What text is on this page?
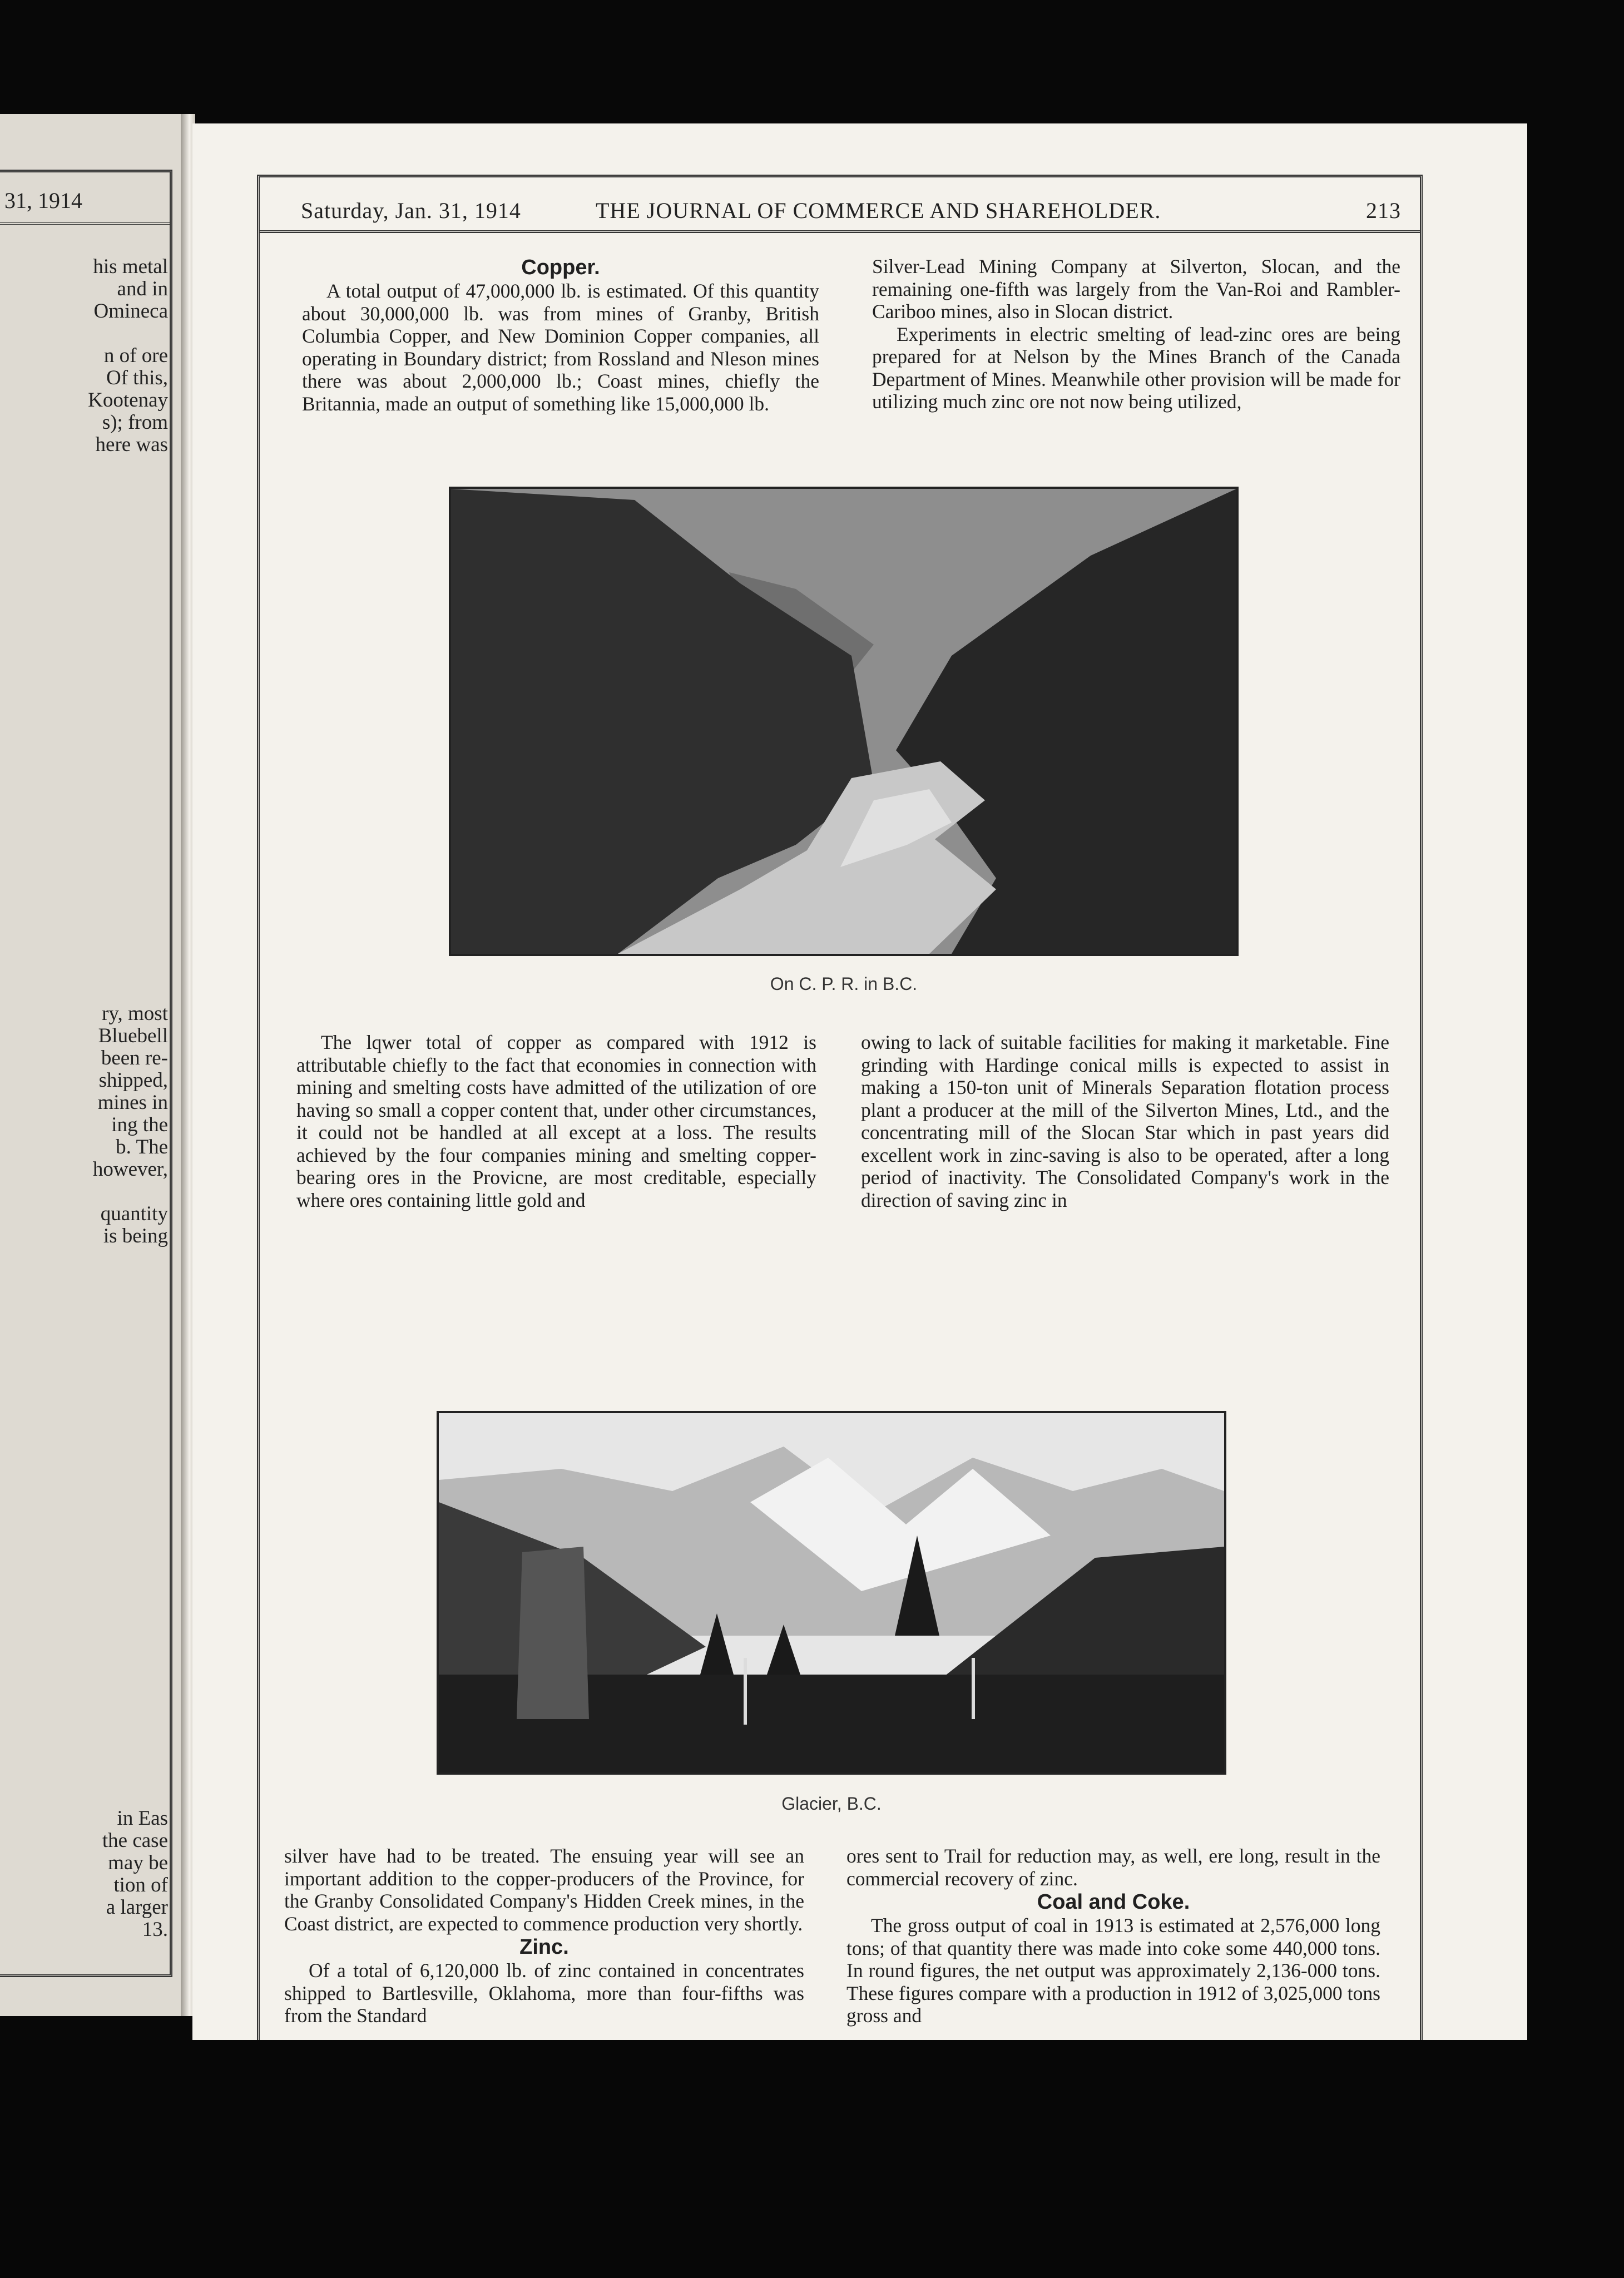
31, 1914
his metal
and in
Omineca
n of ore
Of this,
Kootenay
s); from
here was
ry, most
Bluebell
been re-
shipped,
mines in
ing the
b. The
however,
quantity
is being
in Eas
the case
may be
tion of
a larger
13.
Saturday, Jan. 31, 1914	THE JOURNAL OF COMMERCE AND SHAREHOLDER.	213

Copper.

A total output of 47,000,000 lb. is estimated. Of this quantity about 30,000,000 lb. was from mines of Granby, British Columbia Copper, and New Dominion Copper companies, all operating in Boundary district; from Rossland and Nleson mines there was about 2,000,000 lb.; Coast mines, chiefly the Britannia, made an output of something like 15,000,000 lb.

Silver-Lead Mining Company at Silverton, Slocan, and the remaining one-fifth was largely from the Van-Roi and Rambler-Cariboo mines, also in Slocan district.

Experiments in electric smelting of lead-zinc ores are being prepared for at Nelson by the Mines Branch of the Canada Department of Mines. Meanwhile other provision will be made for utilizing much zinc ore not now being utilized,

On C. P. R. in B.C.

The lqwer total of copper as compared with 1912 is attributable chiefly to the fact that economies in connection with mining and smelting costs have admitted of the utilization of ore having so small a copper content that, under other circumstances, it could not be handled at all except at a loss. The results achieved by the four companies mining and smelting copper-bearing ores in the Provicne, are most creditable, especially where ores containing little gold and

owing to lack of suitable facilities for making it marketable. Fine grinding with Hardinge conical mills is expected to assist in making a 150-ton unit of Minerals Separation flotation process plant a producer at the mill of the Silverton Mines, Ltd., and the concentrating mill of the Slocan Star which in past years did excellent work in zinc-saving is also to be operated, after a long period of inactivity. The Consolidated Company's work in the direction of saving zinc in

Glacier, B.C.

silver have had to be treated. The ensuing year will see an important addition to the copper-producers of the Province, for the Granby Consolidated Company's Hidden Creek mines, in the Coast district, are expected to commence production very shortly.

Zinc.

Of a total of 6,120,000 lb. of zinc contained in concentrates shipped to Bartlesville, Oklahoma, more than four-fifths was from the Standard

ores sent to Trail for reduction may, as well, ere long, result in the commercial recovery of zinc.

Coal and Coke.

The gross output of coal in 1913 is estimated at 2,576,000 long tons; of that quantity there was made into coke some 440,000 tons. In round figures, the net output was approximately 2,136-000 tons. These figures compare with a production in 1912 of 3,025,000 tons gross and
